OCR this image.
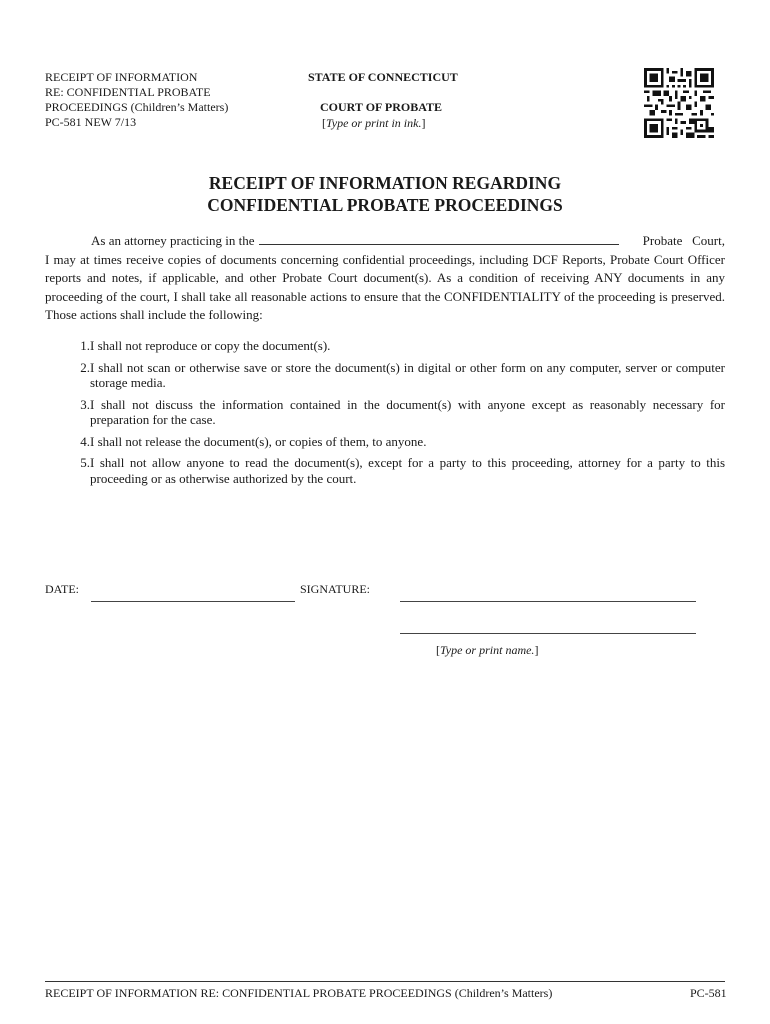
RECEIPT OF INFORMATION
RE: CONFIDENTIAL PROBATE
PROCEEDINGS (Children’s Matters)
PC-581 NEW 7/13
STATE OF CONNECTICUT
COURT OF PROBATE
[Type or print in ink.]
RECEIPT OF INFORMATION REGARDING
CONFIDENTIAL PROBATE PROCEEDINGS
As an attorney practicing in the	Probate   Court,

I may at times receive copies of documents concerning confidential proceedings, including DCF Reports, Probate Court Officer reports and notes, if applicable, and other Probate Court document(s). As a condition of receiving ANY documents in any proceeding of the court, I shall take all reasonable actions to ensure that the CONFIDENTIALITY of the proceeding is preserved. Those actions shall include the following:
1. I shall not reproduce or copy the document(s).
2. I shall not scan or otherwise save or store the document(s) in digital or other form on any computer, server or computer storage media.
3. I shall not discuss the information contained in the document(s) with anyone except as reasonably necessary for preparation for the case.
4. I shall not release the document(s), or copies of them, to anyone.
5. I shall not allow anyone to read the document(s), except for a party to this proceeding, attorney for a party to this proceeding or as otherwise authorized by the court.
DATE:	SIGNATURE:
[Type or print name.]
RECEIPT OF INFORMATION RE: CONFIDENTIAL PROBATE PROCEEDINGS (Children’s Matters)	PC-581
